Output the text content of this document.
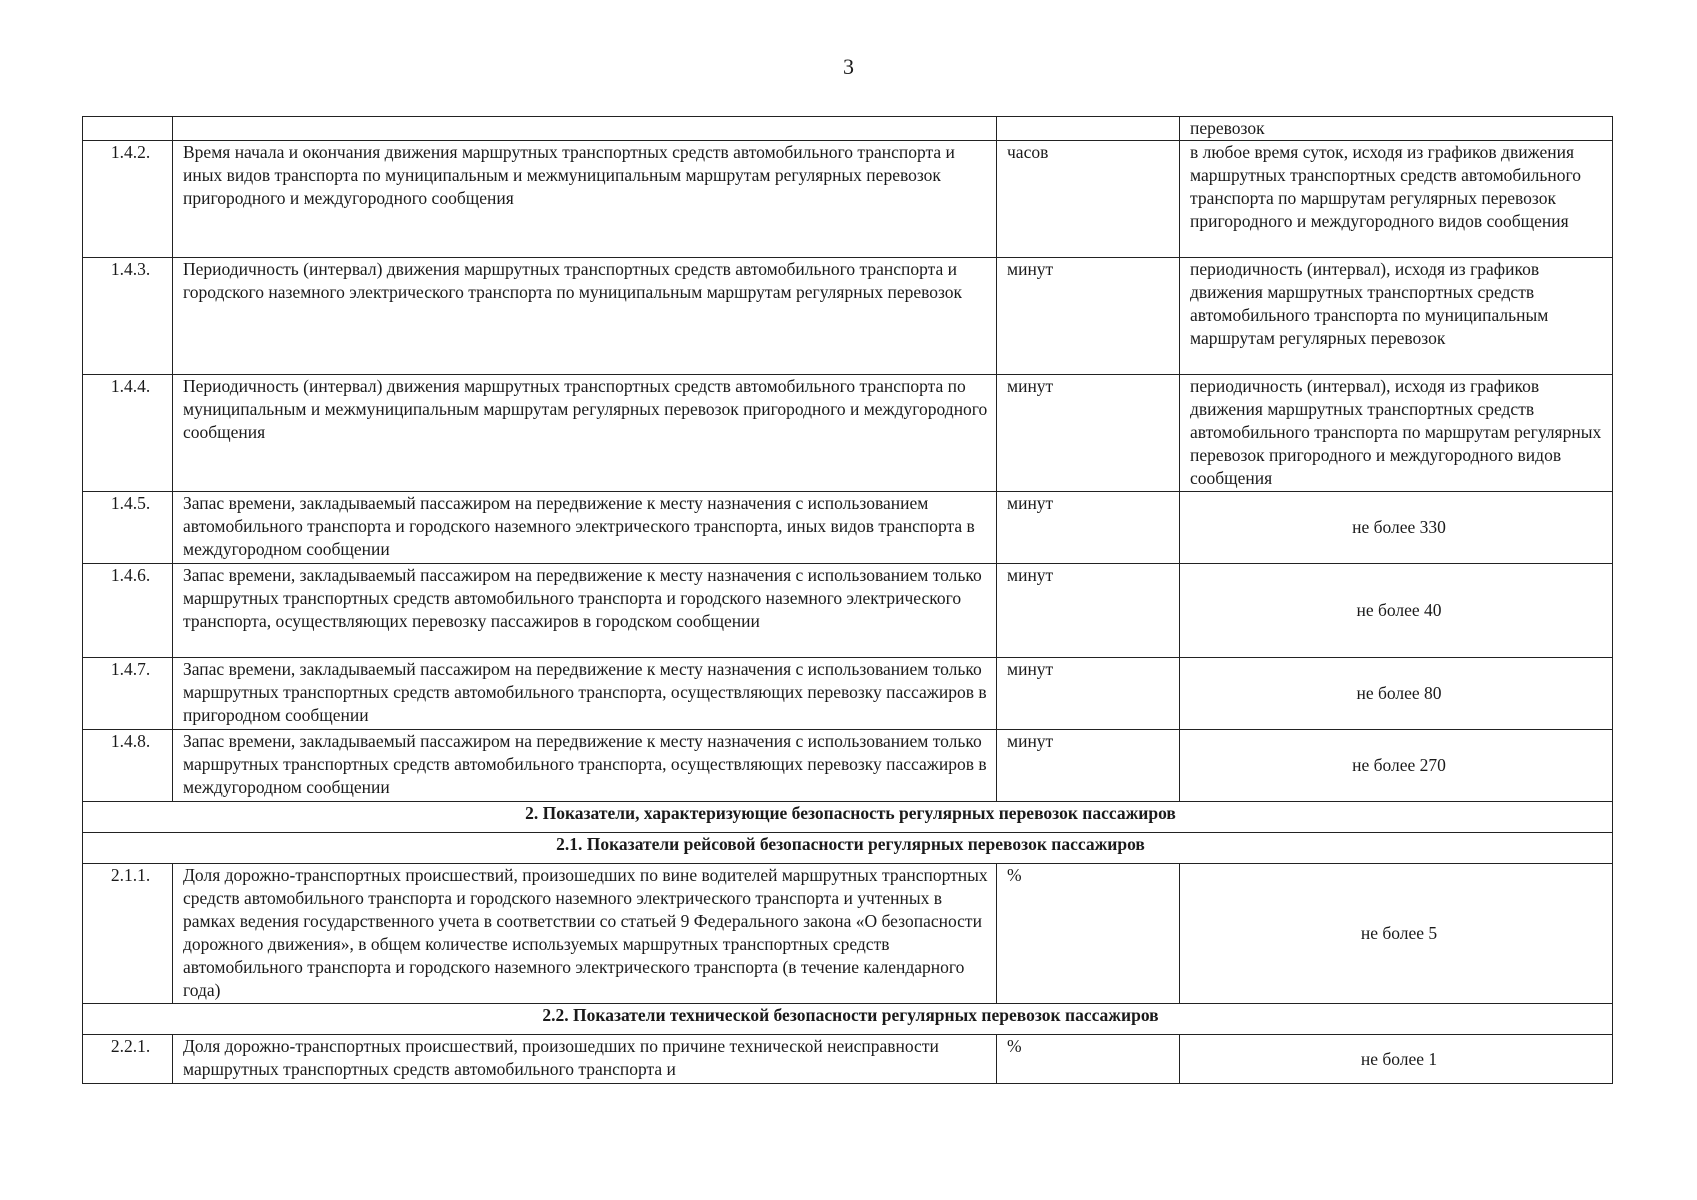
3
			перевозок
1.4.2.	Время начала и окончания движения маршрутных транспортных средств автомобильного транспорта и иных видов транспорта по муниципальным и межмуниципальным маршрутам регулярных перевозок пригородного и междугородного сообщения	часов	в любое время суток, исходя из графиков движения маршрутных транспортных средств автомобильного транспорта по маршрутам регулярных перевозок пригородного и междугородного видов сообщения
1.4.3.	Периодичность (интервал) движения маршрутных транспортных средств автомобильного транспорта и городского наземного электрического транспорта по муниципальным маршрутам регулярных перевозок	минут	периодичность (интервал), исходя из графиков движения маршрутных транспортных средств автомобильного транспорта по муниципальным маршрутам регулярных перевозок
1.4.4.	Периодичность (интервал) движения маршрутных транспортных средств автомобильного транспорта по муниципальным и межмуниципальным маршрутам регулярных перевозок пригородного и междугородного сообщения	минут	периодичность (интервал), исходя из графиков движения маршрутных транспортных средств автомобильного транспорта по маршрутам регулярных перевозок пригородного и междугородного видов сообщения
1.4.5.	Запас времени, закладываемый пассажиром на передвижение к месту назначения с использованием автомобильного транспорта и городского наземного электрического транспорта, иных видов транспорта в междугородном сообщении	минут	не более 330
1.4.6.	Запас времени, закладываемый пассажиром на передвижение к месту назначения с использованием только маршрутных транспортных средств автомобильного транспорта и городского наземного электрического транспорта, осуществляющих перевозку пассажиров в городском сообщении	минут	не более 40
1.4.7.	Запас времени, закладываемый пассажиром на передвижение к месту назначения с использованием только маршрутных транспортных средств автомобильного транспорта, осуществляющих перевозку пассажиров в пригородном сообщении	минут	не более 80
1.4.8.	Запас времени, закладываемый пассажиром на передвижение к месту назначения с использованием только маршрутных транспортных средств автомобильного транспорта, осуществляющих перевозку пассажиров в междугородном сообщении	минут	не более 270
2. Показатели, характеризующие безопасность регулярных перевозок пассажиров			
2.1. Показатели рейсовой безопасности регулярных перевозок пассажиров			
2.1.1.	Доля дорожно-транспортных происшествий, произошедших по вине водителей маршрутных транспортных средств автомобильного транспорта и городского наземного электрического транспорта и учтенных в рамках ведения государственного учета в соответствии со статьей 9 Федерального закона «О безопасности дорожного движения», в общем количестве используемых маршрутных транспортных средств автомобильного транспорта и городского наземного электрического транспорта (в течение календарного года)	%	не более 5
2.2. Показатели технической безопасности регулярных перевозок пассажиров			
2.2.1.	Доля дорожно-транспортных происшествий, произошедших по причине технической неисправности маршрутных транспортных средств автомобильного транспорта и	%	не более 1
